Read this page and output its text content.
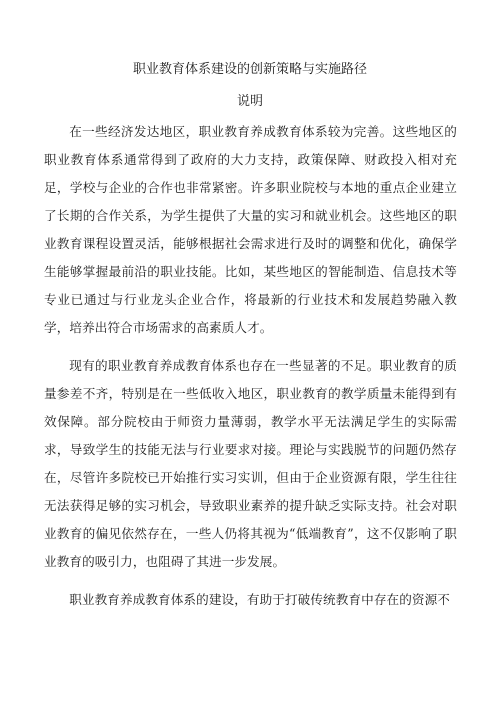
职业教育体系建设的创新策略与实施路径
说明

在一些经济发达地区，职业教育养成教育体系较为完善。这些地区的职业教育体系通常得到了政府的大力支持，政策保障、财政投入相对充足，学校与企业的合作也非常紧密。许多职业院校与本地的重点企业建立了长期的合作关系，为学生提供了大量的实习和就业机会。这些地区的职业教育课程设置灵活，能够根据社会需求进行及时的调整和优化，确保学生能够掌握最前沿的职业技能。比如，某些地区的智能制造、信息技术等专业已通过与行业龙头企业合作，将最新的行业技术和发展趋势融入教学，培养出符合市场需求的高素质人才。

现有的职业教育养成教育体系也存在一些显著的不足。职业教育的质量参差不齐，特别是在一些低收入地区，职业教育的教学质量未能得到有效保障。部分院校由于师资力量薄弱，教学水平无法满足学生的实际需求，导致学生的技能无法与行业要求对接。理论与实践脱节的问题仍然存在，尽管许多院校已开始推行实习实训，但由于企业资源有限，学生往往无法获得足够的实习机会，导致职业素养的提升缺乏实际支持。社会对职业教育的偏见依然存在，一些人仍将其视为“低端教育”，这不仅影响了职业教育的吸引力，也阻碍了其进一步发展。

职业教育养成教育体系的建设，有助于打破传统教育中存在的资源不
